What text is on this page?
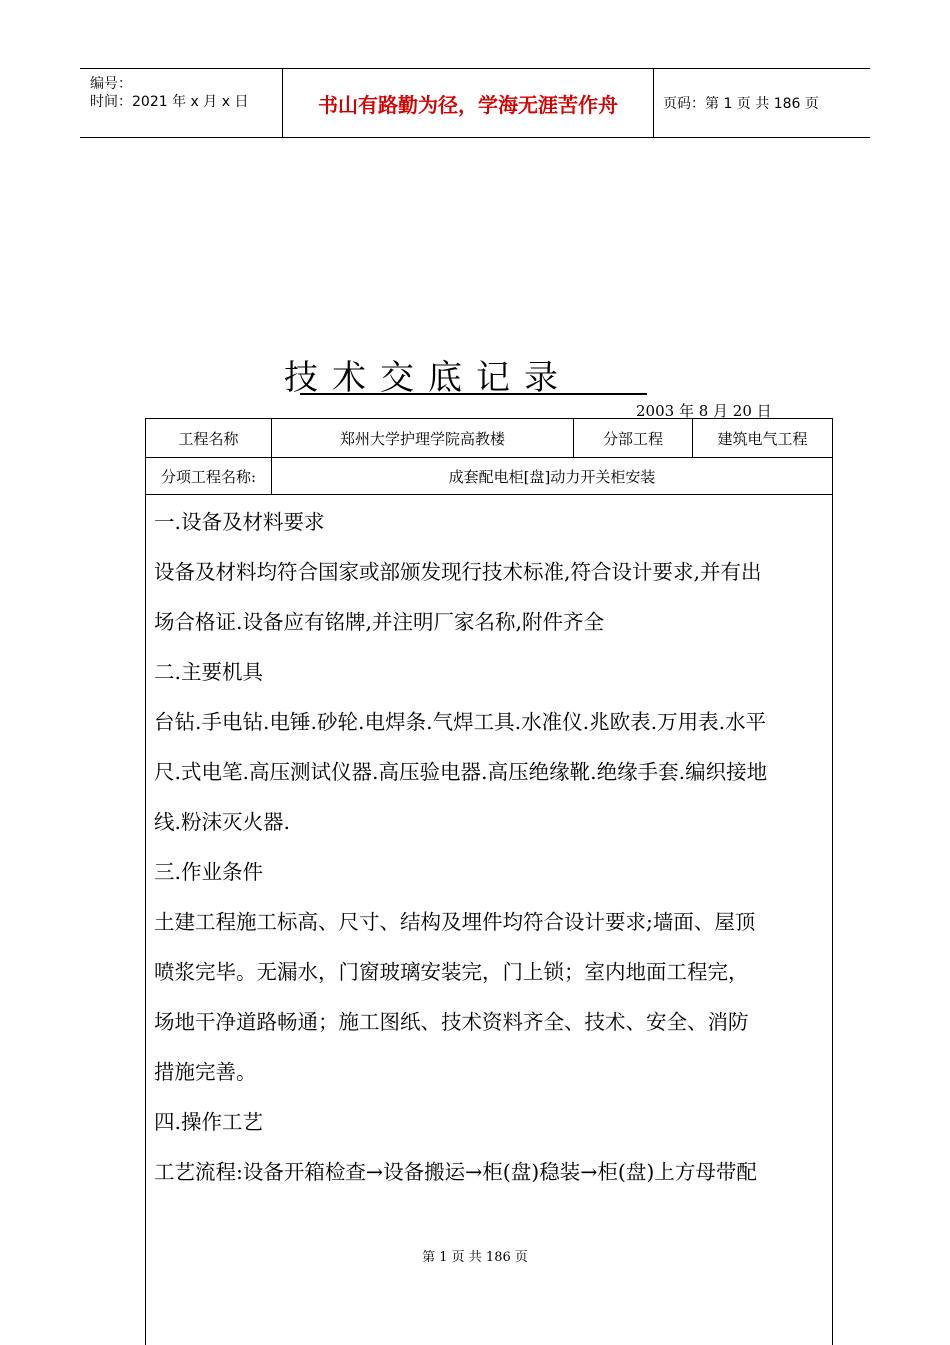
编号：
时间：2021 年 x 月 x 日	书山有路勤为径，学海无涯苦作舟	页码：第 1 页 共 186 页
技术交底记录
2003 年 8 月 20 日
工程名称	郑州大学护理学院高教楼	分部工程	建筑电气工程
分项工程名称:	成套配电柜[盘]动力开关柜安装

一.设备及材料要求

设备及材料均符合国家或部颁发现行技术标准,符合设计要求,并有出

场合格证.设备应有铭牌,并注明厂家名称,附件齐全

二.主要机具

台钻.手电钻.电锤.砂轮.电焊条.气焊工具.水准仪.兆欧表.万用表.水平

尺.式电笔.高压测试仪器.高压验电器.高压绝缘靴.绝缘手套.编织接地

线.粉沫灭火器.

三.作业条件

土建工程施工标高、尺寸、结构及埋件均符合设计要求;墙面、屋顶

喷浆完毕。无漏水，门窗玻璃安装完，门上锁；室内地面工程完，

场地干净道路畅通；施工图纸、技术资料齐全、技术、安全、消防

措施完善。

四.操作工艺

工艺流程:设备开箱检查→设备搬运→柜(盘)稳装→柜(盘)上方母带配

第 1 页 共 186 页
